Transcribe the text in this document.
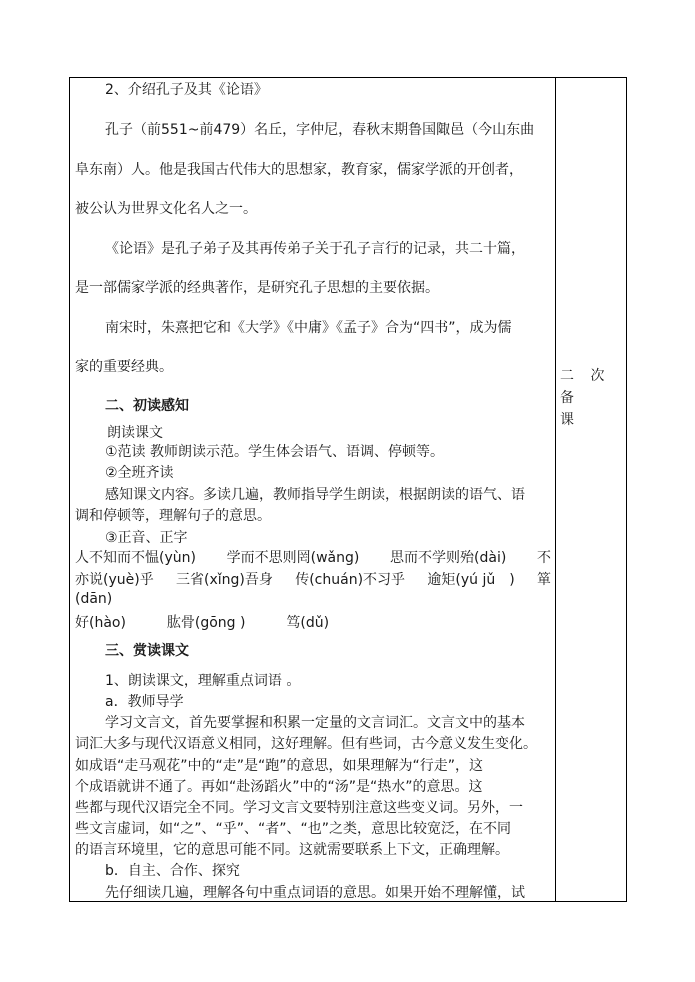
2、介绍孔子及其《论语》
孔子（前551~前479）名丘，字仲尼，春秋末期鲁国陬邑（今山东曲
阜东南）人。他是我国古代伟大的思想家，教育家，儒家学派的开创者，
被公认为世界文化名人之一。
《论语》是孔子弟子及其再传弟子关于孔子言行的记录，共二十篇，
是一部儒家学派的经典著作，是研究孔子思想的主要依据。
南宋时，朱熹把它和《大学》《中庸》《孟子》合为“四书”，成为儒
家的重要经典。
二、初读感知
朗读课文
①范读 教师朗读示范。学生体会语气、语调、停顿等。
②全班齐读
感知课文内容。多读几遍，教师指导学生朗读，根据朗读的语气、语
调和停顿等，理解句子的意思。
③正音、正字
人不知而不愠(yùn) 学而不思则罔(wǎng) 思而不学则殆(dài) 不
亦说(yuè)乎 三省(xǐng)吾身 传(chuán)不习乎 逾矩(yú jǔ　) 箪
(dān)
好(hào)	肱骨(gōng )	笃(dǔ)
三、赏读课文
1、朗读课文，理解重点词语 。
a．教师导学
学习文言文，首先要掌握和积累一定量的文言词汇。文言文中的基本
词汇大多与现代汉语意义相同，这好理解。但有些词，古今意义发生变化。
如成语“走马观花”中的“走”是“跑”的意思，如果理解为“行走”，这
个成语就讲不通了。再如“赴汤蹈火”中的“汤”是“热水”的意思。这
些都与现代汉语完全不同。学习文言文要特别注意这些变义词。另外，一
些文言虚词，如“之”、“乎”、“者”、“也”之类，意思比较宽泛，在不同
的语言环境里，它的意思可能不同。这就需要联系上下文，正确理解。
b．自主、合作、探究
先仔细读几遍，理解各句中重点词语的意思。如果开始不理解懂，试
二 次 备
课
